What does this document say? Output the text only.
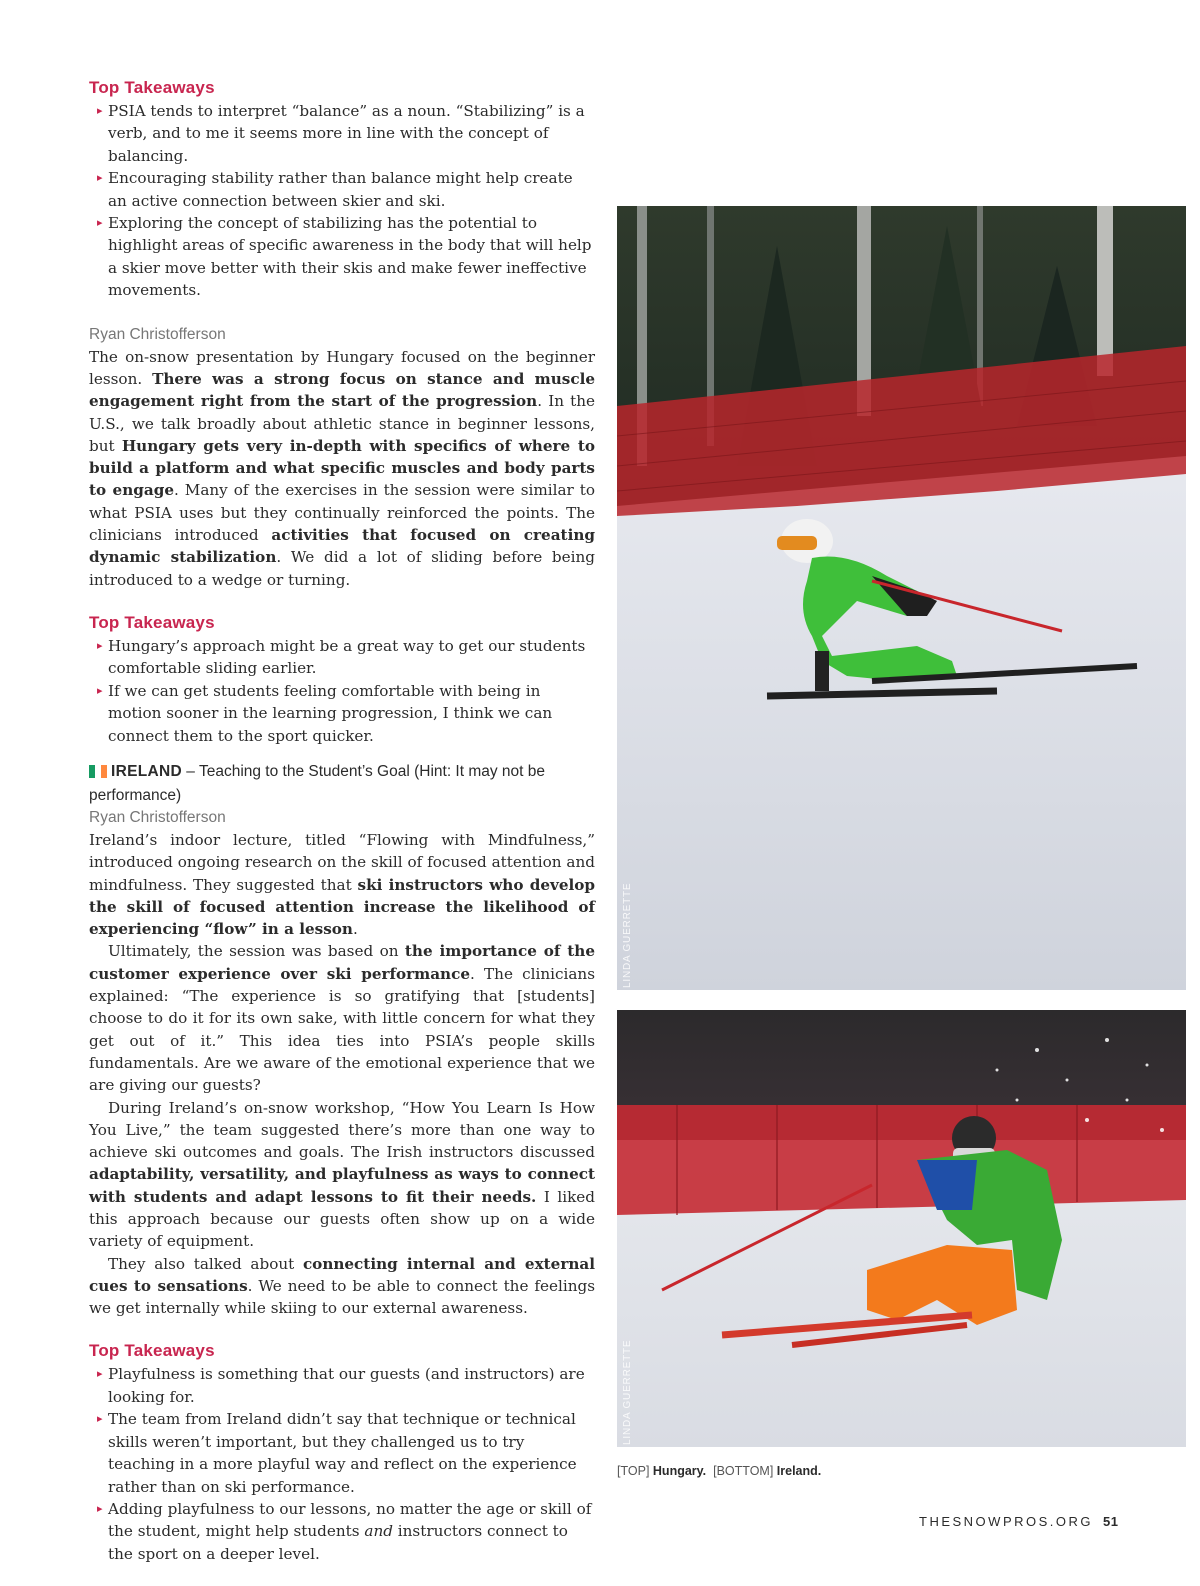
Top Takeaways

▸ PSIA tends to interpret “balance” as a noun. “Stabilizing” is a verb, and to me it seems more in line with the concept of balancing.
▸ Encouraging stability rather than balance might help create an active connection between skier and ski.
▸ Exploring the concept of stabilizing has the potential to highlight areas of specific awareness in the body that will help a skier move better with their skis and make fewer ineffective movements.

Ryan Christofferson

The on-snow presentation by Hungary focused on the beginner lesson. There was a strong focus on stance and muscle engagement right from the start of the progression. In the U.S., we talk broadly about athletic stance in beginner lessons, but Hungary gets very in-depth with specifics of where to build a platform and what specific muscles and body parts to engage. Many of the exercises in the session were similar to what PSIA uses but they continually reinforced the points. The clinicians introduced activities that focused on creating dynamic stabilization. We did a lot of sliding before being introduced to a wedge or turning.

Top Takeaways

▸ Hungary’s approach might be a great way to get our students comfortable sliding earlier.
▸ If we can get students feeling comfortable with being in motion sooner in the learning progression, I think we can connect them to the sport quicker.

IRELAND – Teaching to the Student’s Goal (Hint: It may not be performance)

Ryan Christofferson

Ireland’s indoor lecture, titled “Flowing with Mindfulness,” introduced ongoing research on the skill of focused attention and mindfulness. They suggested that ski instructors who develop the skill of focused attention increase the likelihood of experiencing “flow” in a lesson.

Ultimately, the session was based on the importance of the customer experience over ski performance. The clinicians explained: “The experience is so gratifying that [students] choose to do it for its own sake, with little concern for what they get out of it.” This idea ties into PSIA’s people skills fundamentals. Are we aware of the emotional experience that we are giving our guests?

During Ireland’s on-snow workshop, “How You Learn Is How You Live,” the team suggested there’s more than one way to achieve ski outcomes and goals. The Irish instructors discussed adaptability, versatility, and playfulness as ways to connect with students and adapt lessons to fit their needs. I liked this approach because our guests often show up on a wide variety of equipment.

They also talked about connecting internal and external cues to sensations. We need to be able to connect the feelings we get internally while skiing to our external awareness.

Top Takeaways

▸ Playfulness is something that our guests (and instructors) are looking for.
▸ The team from Ireland didn’t say that technique or technical skills weren’t important, but they challenged us to try teaching in a more playful way and reflect on the experience rather than on ski performance.
▸ Adding playfulness to our lessons, no matter the age or skill of the student, might help students and instructors connect to the sport on a deeper level.
LINDA GUERRETTE
LINDA GUERRETTE
[TOP] Hungary. [BOTTOM] Ireland.
THESNOWPROS.ORG 51
